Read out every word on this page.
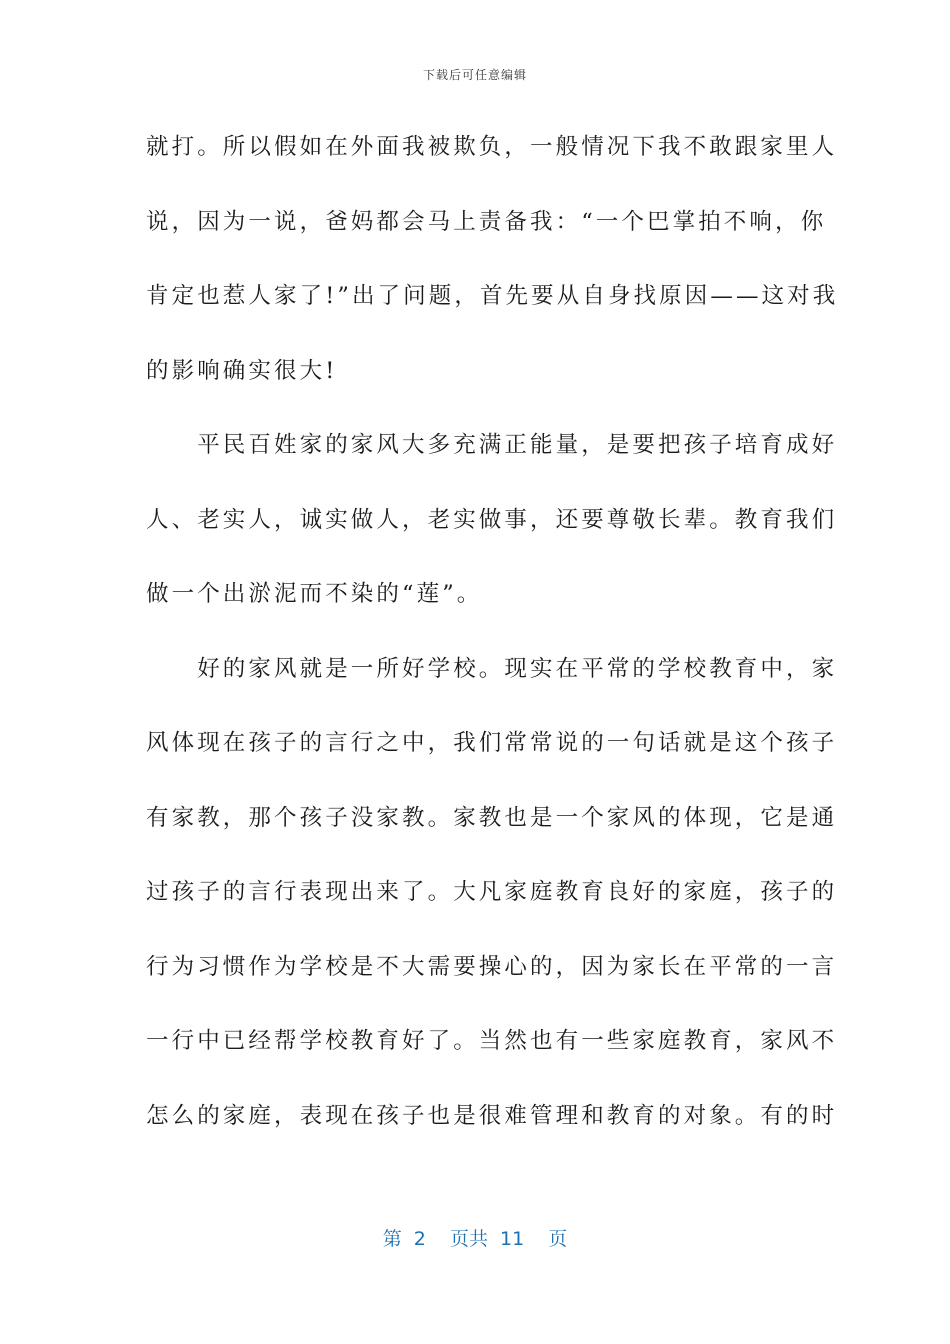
下载后可任意编辑
就打。所以假如在外面我被欺负，一般情况下我不敢跟家里人
说，因为一说，爸妈都会马上责备我：“一个巴掌拍不响，你
肯定也惹人家了!”出了问题，首先要从自身找原因——这对我
的影响确实很大!
　　平民百姓家的家风大多充满正能量，是要把孩子培育成好
人、老实人，诚实做人，老实做事，还要尊敬长辈。教育我们
做一个出淤泥而不染的“莲”。
　　好的家风就是一所好学校。现实在平常的学校教育中，家
风体现在孩子的言行之中，我们常常说的一句话就是这个孩子
有家教，那个孩子没家教。家教也是一个家风的体现，它是通
过孩子的言行表现出来了。大凡家庭教育良好的家庭，孩子的
行为习惯作为学校是不大需要操心的，因为家长在平常的一言
一行中已经帮学校教育好了。当然也有一些家庭教育，家风不
怎么的家庭，表现在孩子也是很难管理和教育的对象。有的时
第 2  页共 11  页
